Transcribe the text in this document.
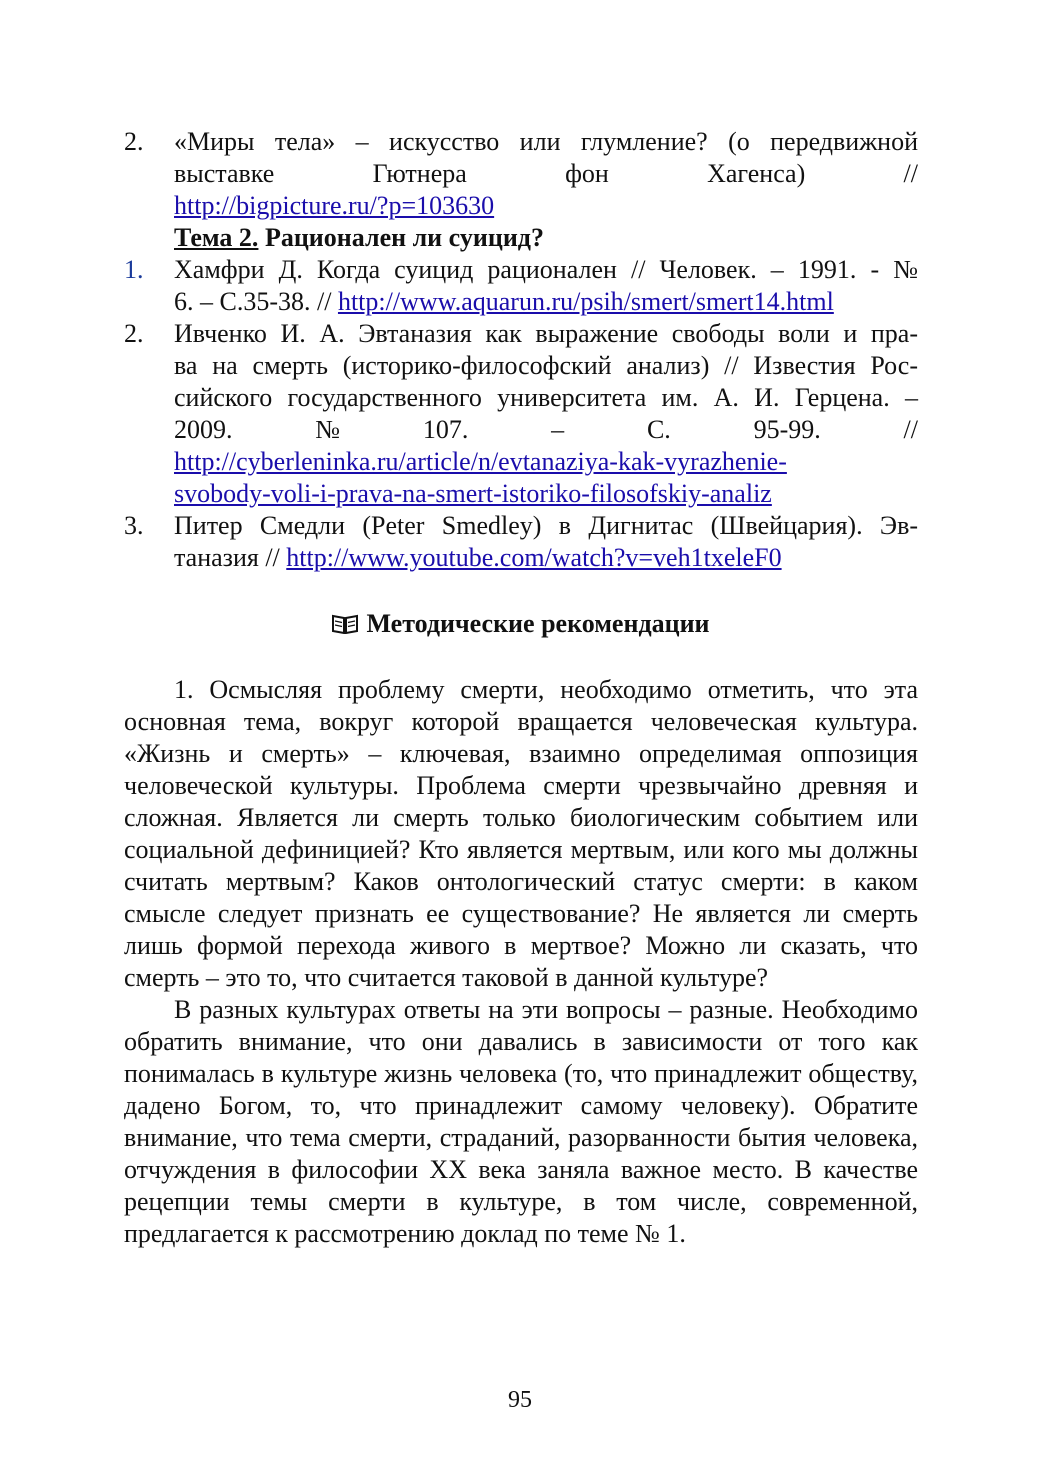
2.	«Миры тела» – искусство или глумление? (о передвижной
выставке	Гютнера	фон	Хагенса)	//
http://bigpicture.ru/?p=103630
Тема 2. Рационален ли суицид?
1.	Хамфри Д. Когда суицид рационален // Человек. – 1991. - №
6. – С.35-38. // http://www.aquarun.ru/psih/smert/smert14.html
2.	Ивченко И. А. Эвтаназия как выражение свободы воли и пра-
ва на смерть (историко-философский анализ) // Известия Рос-
сийского государственного университета им. А. И. Герцена. –
2009.	№	107.	–	С.	95-99.	//
http://cyberleninka.ru/article/n/evtanaziya-kak-vyrazhenie-
svobody-voli-i-prava-na-smert-istoriko-filosofskiy-analiz
3.	Питер Смедли (Peter Smedley) в Дигнитас (Швейцария). Эв-
таназия // http://www.youtube.com/watch?v=veh1txeleF0
Методические рекомендации

1. Осмысляя проблему смерти, необходимо отметить, что эта основная тема, вокруг которой вращается человеческая культура. «Жизнь и смерть» – ключевая, взаимно определимая оппозиция человеческой культуры. Проблема смерти чрезвычайно древняя и сложная. Является ли смерть только биологическим событием или социальной дефиницией? Кто является мертвым, или кого мы должны считать мертвым? Каков онтологический статус смерти: в каком смысле следует признать ее существование? Не является ли смерть лишь формой перехода живого в мертвое? Можно ли сказать, что смерть – это то, что считается таковой в данной культуре?

В разных культурах ответы на эти вопросы – разные. Необходимо обратить внимание, что они давались в зависимости от того как понималась в культуре жизнь человека (то, что принадлежит обществу, дадено Богом, то, что принадлежит самому человеку). Обратите внимание, что тема смерти, страданий, разорванности бытия человека, отчуждения в философии XX века заняла важное место. В качестве рецепции темы смерти в культуре, в том числе, современной, предлагается к рассмотрению доклад по теме № 1.

95
